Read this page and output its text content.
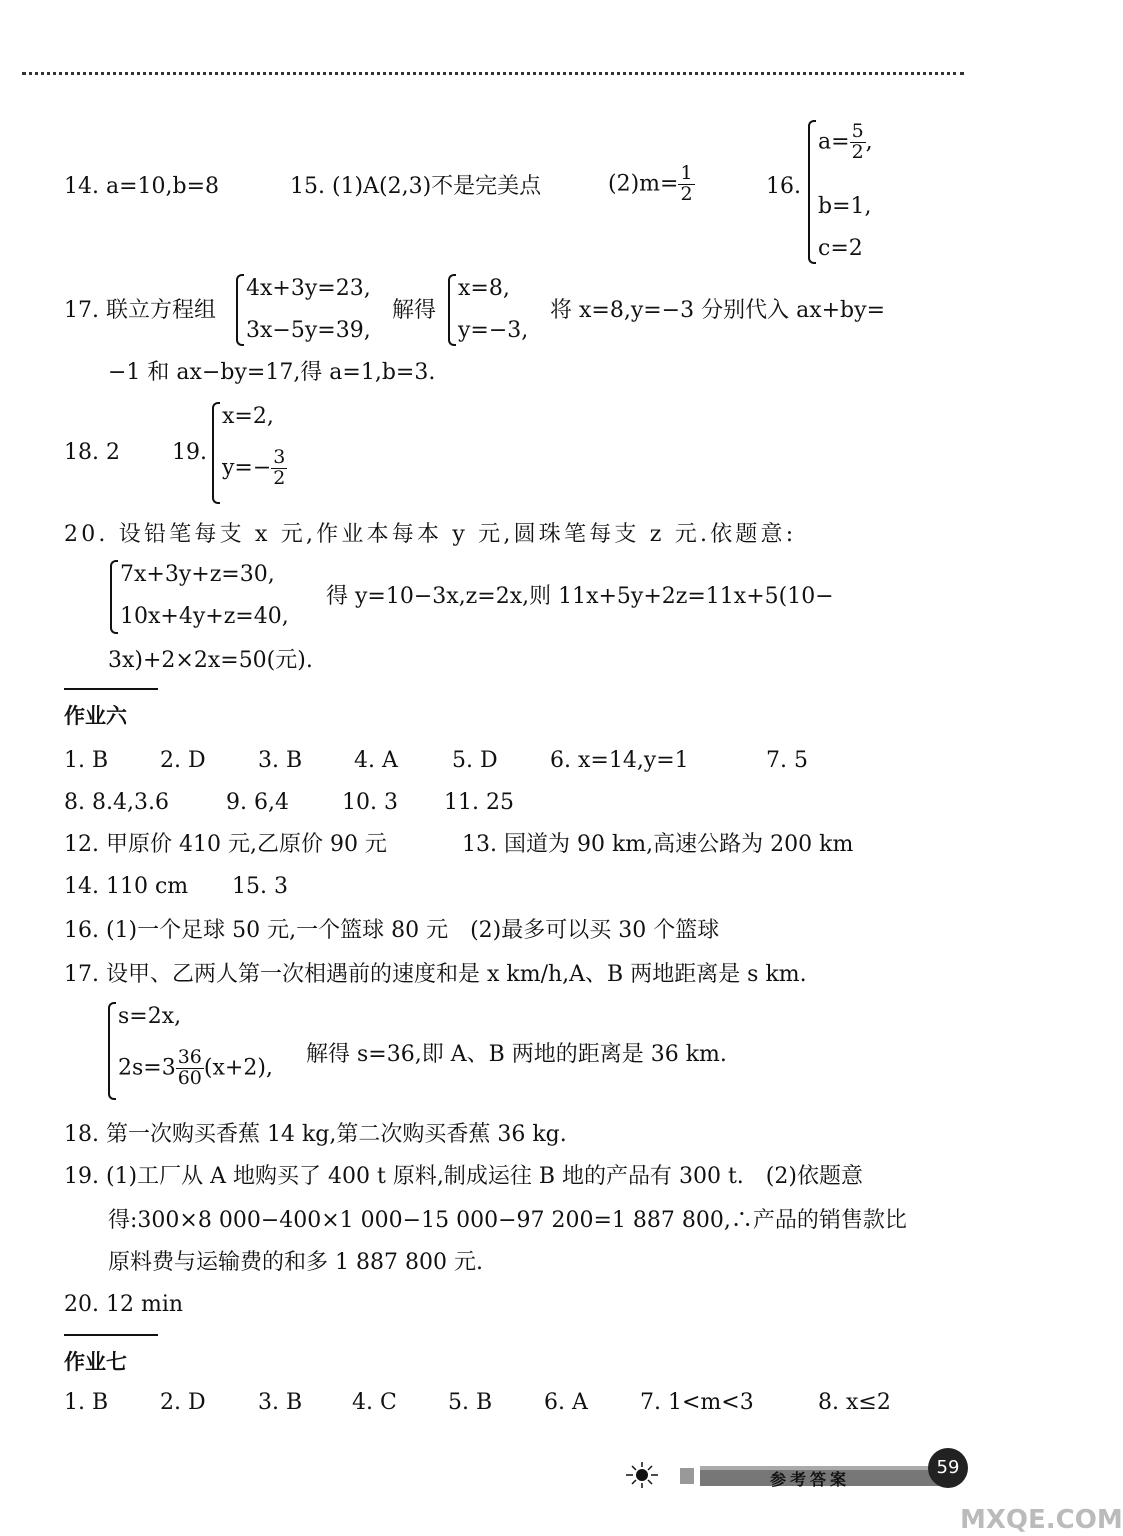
14. a=10,b=8	15. (1)A(2,3)不是完美点	$(2)m= \frac{1}{2}$	16.
$a= \frac{5}{2}$ ,
b=1,
c=2
17. 联立方程组
4x+3y=23,
3x−5y=39,
解得
x=8,
y=−3,
将 x=8,y=−3 分别代入 ax+by=
−1 和 ax−by=17,得 a=1,b=3.
18. 2 19.
x=2,
$y=- \frac{3}{2}$
20. 设铅笔每支 x 元,作业本每本 y 元,圆珠笔每支 z 元.依题意:
7x+3y+z=30,
10x+4y+z=40,
得 y=10−3x,z=2x,则 11x+5y+2z=11x+5(10−
3x)+2×2x=50(元).
作业六
1. B 2. D 3. B 4. A 5. D 6. x=14,y=1	7. 5
8. 8.4,3.6	9. 6,4 10. 3 11. 25
12. 甲原价 410 元,乙原价 90 元	13. 国道为 90 km,高速公路为 200 km
14. 110 cm 15. 3
16. (1)一个足球 50 元,一个篮球 80 元　(2)最多可以买 30 个篮球
17. 设甲、乙两人第一次相遇前的速度和是 x km/h,A、B 两地距离是 s km.
s=2x,
$2s=3 \frac{36}{60} (x+2)$,
解得 s=36,即 A、B 两地的距离是 36 km.
18. 第一次购买香蕉 14 kg,第二次购买香蕉 36 kg.
19. (1)工厂从 A 地购买了 400 t 原料,制成运往 B 地的产品有 300 t.　(2)依题意
得:300×8 000−400×1 000−15 000−97 200=1 887 800,∴产品的销售款比
原料费与运输费的和多 1 887 800 元.
20. 12 min
作业七
1. B 2. D 3. B 4. C 5. B 6. A 7. 1<m<3	8. x≤2
参考答案
59
MXQE.COM
